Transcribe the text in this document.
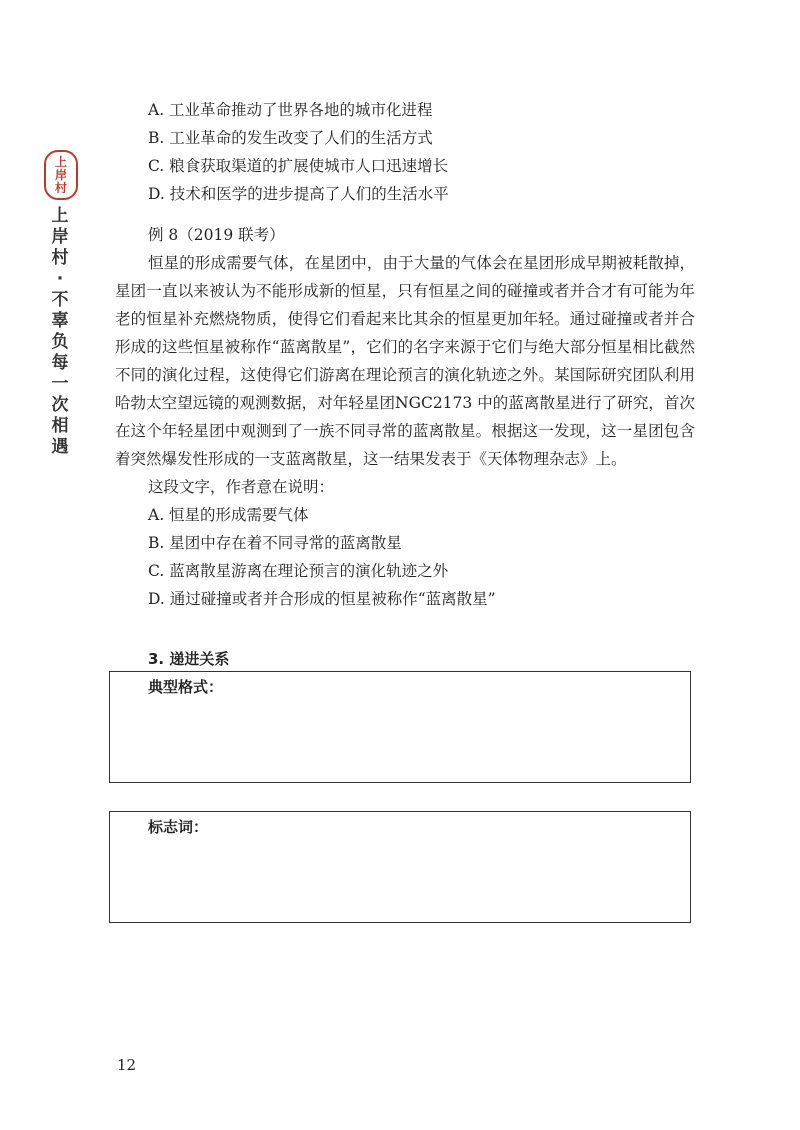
上
岸
村
上
岸
村
·
不
辜
负
每
一
次
相
遇
A. 工业革命推动了世界各地的城市化进程
B. 工业革命的发生改变了人们的生活方式
C. 粮食获取渠道的扩展使城市人口迅速增长
D. 技术和医学的进步提高了人们的生活水平
例 8（2019 联考）

恒星的形成需要气体，在星团中，由于大量的气体会在星团形成早期被耗散掉，星团一直以来被认为不能形成新的恒星，只有恒星之间的碰撞或者并合才有可能为年老的恒星补充燃烧物质，使得它们看起来比其余的恒星更加年轻。通过碰撞或者并合形成的这些恒星被称作“蓝离散星”，它们的名字来源于它们与绝大部分恒星相比截然不同的演化过程，这使得它们游离在理论预言的演化轨迹之外。某国际研究团队利用哈勃太空望远镜的观测数据，对年轻星团NGC2173 中的蓝离散星进行了研究，首次在这个年轻星团中观测到了一族不同寻常的蓝离散星。根据这一发现，这一星团包含着突然爆发性形成的一支蓝离散星，这一结果发表于《天体物理杂志》上。

这段文字，作者意在说明：
A. 恒星的形成需要气体
B. 星团中存在着不同寻常的蓝离散星
C. 蓝离散星游离在理论预言的演化轨迹之外
D. 通过碰撞或者并合形成的恒星被称作“蓝离散星”
3. 递进关系
典型格式：
标志词：
12
